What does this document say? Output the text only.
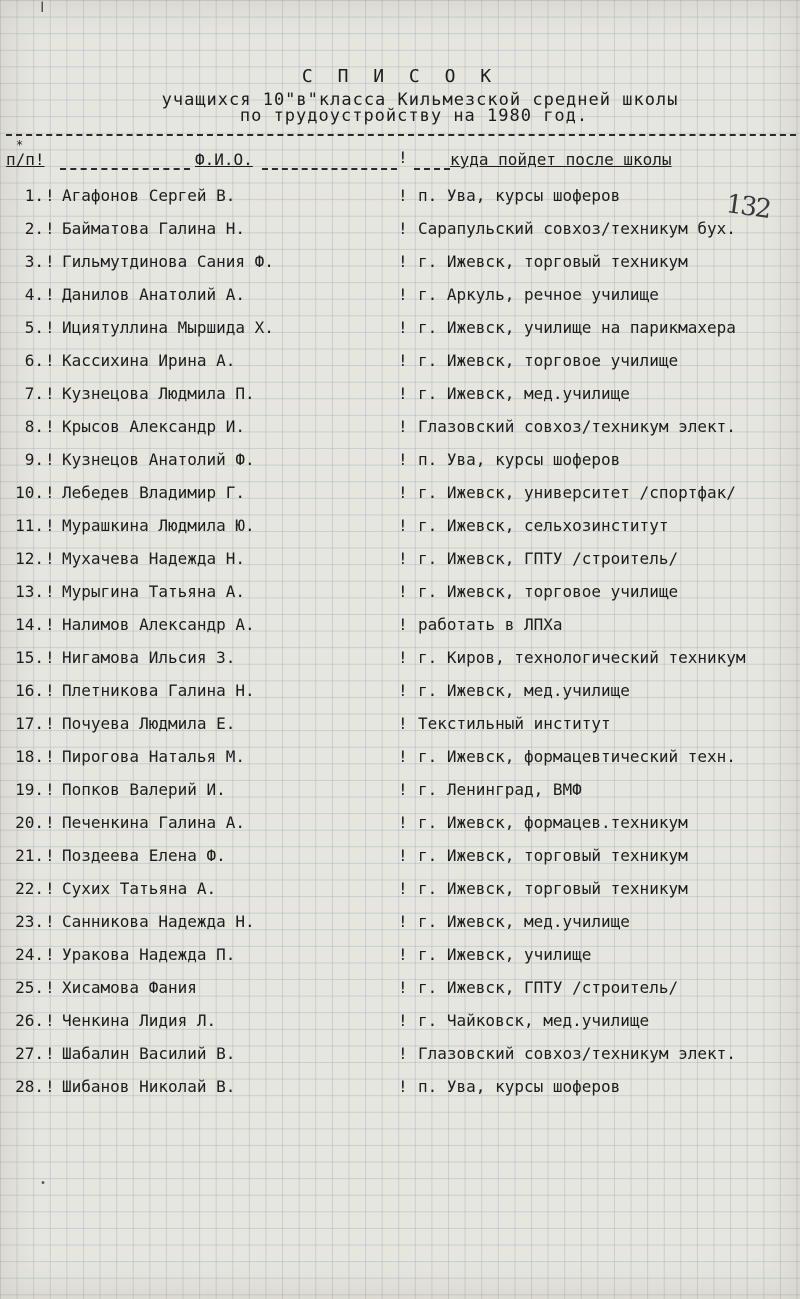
ǀ
С П И С О К
учащихся 10"в"класса Кильмезской средней школы
по трудоустройству на 1980 год.
132
*
п/п!	Ф.И.О.	!	куда пойдет после школы
1. ! Агафонов Сергей В.	! п. Ува, курсы шоферов
2. ! Байматова Галина Н.	! Сарапульский совхоз/техникум бух.
3. ! Гильмутдинова Сания Ф.	! г. Ижевск, торговый техникум
4. ! Данилов Анатолий А.	! г. Аркуль, речное училище
5. ! Ициятуллина Мыршида Х.	! г. Ижевск, училище на парикмахера
6. ! Кассихина Ирина А.	! г. Ижевск, торговое училище
7. ! Кузнецова Людмила П.	! г. Ижевск, мед.училище
8. ! Крысов Александр И.	! Глазовский совхоз/техникум элект.
9. ! Кузнецов Анатолий Ф.	! п. Ува, курсы шоферов
10. ! Лебедев Владимир Г.	! г. Ижевск, университет /спортфак/
11. ! Мурашкина Людмила Ю.	! г. Ижевск, сельхозинститут
12. ! Мухачева Надежда Н.	! г. Ижевск, ГПТУ /строитель/
13. ! Мурыгина Татьяна А.	! г. Ижевск, торговое училище
14. ! Налимов Александр А.	! работать в ЛПХа
15. ! Нигамова Ильсия З.	! г. Киров, технологический техникум
16. ! Плетникова Галина Н.	! г. Ижевск, мед.училище
17. ! Почуева Людмила Е.	! Текстильный институт
18. ! Пирогова Наталья М.	! г. Ижевск, формацевтический техн.
19. ! Попков Валерий И.	! г. Ленинград, ВМФ
20. ! Печенкина Галина А.	! г. Ижевск, формацев.техникум
21. ! Поздеева Елена Ф.	! г. Ижевск, торговый техникум
22. ! Сухих Татьяна А.	! г. Ижевск, торговый техникум
23. ! Санникова Надежда Н.	! г. Ижевск, мед.училище
24. ! Уракова Надежда П.	! г. Ижевск, училище
25. ! Хисамова Фания	! г. Ижевск, ГПТУ /строитель/
26. ! Ченкина Лидия Л.	! г. Чайковск, мед.училище
27. ! Шабалин Василий В.	! Глазовский совхоз/техникум элект.
28. ! Шибанов Николай В.	! п. Ува, курсы шоферов
•
